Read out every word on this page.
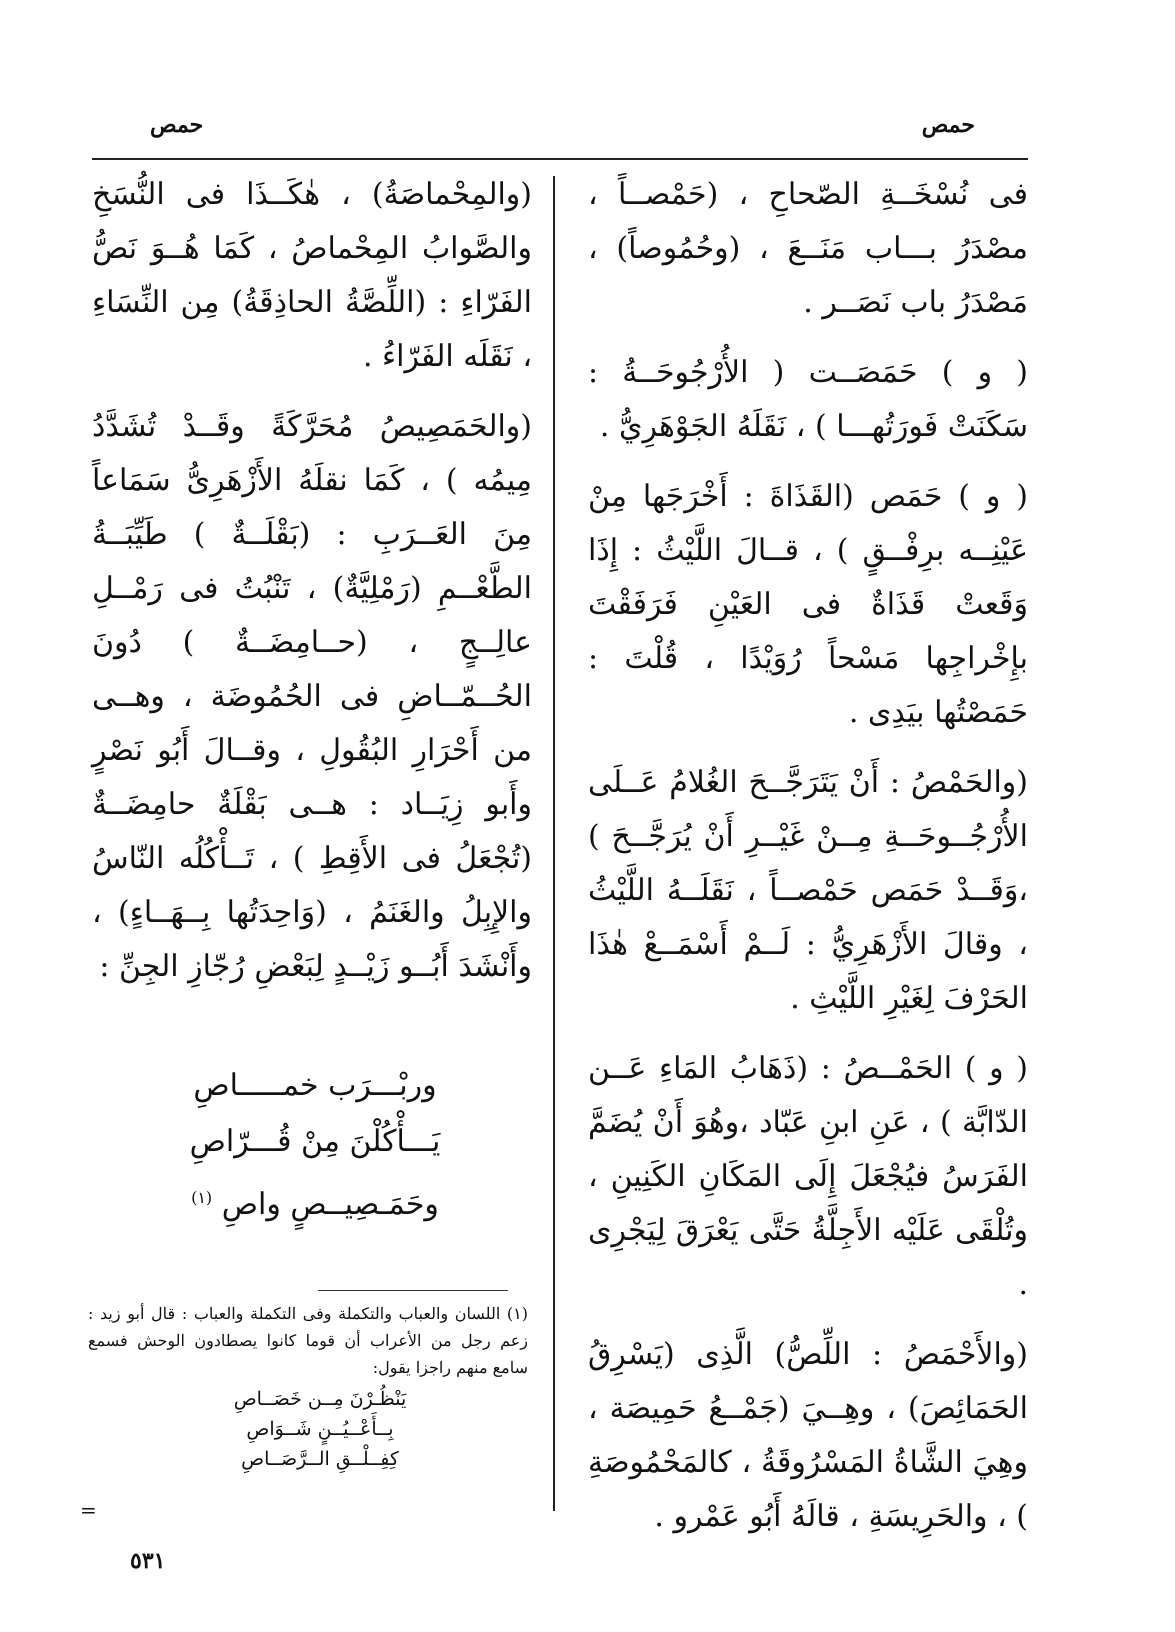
حمص
حمص

فى نُسْخَــةِ الصّحاحِ ، (حَمْصــاً ، مصْدَرُ بـــاب مَنَــعَ ، (وحُمُوصاً) ، مَصْدَرُ باب نَصَــر .

( و ) حَمَصَــت ( الأُرْجُوحَــةُ : سَكَنَتْ فَورَتُهـــا ) ، نَقَلَهُ الجَوْهَرِيُّ .

( و ) حَمَص (القَذَاةَ : أَخْرَجَها مِنْ عَيْنِــه برِفْــقٍ ) ، قــالَ اللَّيْثُ : إِذَا وَقَعتْ قَذَاةٌ فى العَيْنِ فَرَفَقْتَ بإِخْراجِها مَسْحاً رُوَيْدًا ، قُلْتَ : حَمَصْتُها بيَدِى .

(والحَمْصُ : أَنْ يَتَرَجَّــحَ الغُلامُ عَــلَى الأُرْجُــوحَــةِ مِــنْ غَيْــرِ أَنْ يُرَجَّــحَ ) ،وَقَــدْ حَمَص حَمْصــاً ، نَقَلَــهُ اللَّيْثُ ، وقالَ الأَزْهَرِيُّ : لَــمْ أَسْمَــعْ هٰذَا الحَرْفَ لِغَيْرِ اللَّيْثِ .

( و ) الحَمْــصُ : (ذَهَابُ المَاءِ عَــن الدّابَّة ) ، عَنِ ابنِ عَبّاد ،وهُوَ أَنْ يُضَمَّ الفَرَسُ فيُجْعَلَ إِلَى المَكَانِ الكَنِينِ ، وتُلْقَى عَلَيْه الأَجِلَّةُ حَتَّى يَعْرَقَ لِيَجْرِى .

(والأَحْمَصُ : اللِّصُّ) الَّذِى (يَسْرِقُ الحَمَائِصَ) ، وهِــيَ (جَمْــعُ حَمِيصَة ، وهِيَ الشَّاةُ المَسْرُوقَةُ ، كالمَحْمُوصَةِ ) ، والحَرِيسَةِ ، قالَهُ أَبُو عَمْرو .

(والمِحْماصَةُ) ، هٰكَــذَا فى النُّسَخِ والصَّوابُ المِحْماصُ ، كَمَا هُــوَ نَصُّ الفَرّاءِ : (اللِّصَّةُ الحاذِقَةُ) مِن النِّسَاءِ ، نَقَلَه الفَرّاءُ .

(والحَمَصِيصُ مُحَرَّكَةً وقَــدْ تُشَدَّدُ مِيمُه ) ، كَمَا نقلَهُ الأَزْهَرِىُّ سَمَاعاً مِنَ العَــرَبِ : (بَقْلَــةٌ ) طَيِّبَــةُ الطَّعْــمِ (رَمْلِيَّةٌ) ، تَنْبُتُ فى رَمْــلِ عالِــجٍ ، (حــامِضَــةٌ ) دُونَ الحُــمّــاضِ فى الحُمُوضَة ، وهــى من أَحْرَارِ البُقُولِ ، وقــالَ أَبُو نَصْرٍ وأَبو زِيَــاد : هــى بَقْلَةٌ حامِضَــةٌ (تُجْعَلُ فى الأَقِطِ ) ، تَــأْكُلُه النّاسُ والإِبِلُ والغَنَمُ ، (وَاحِدَتُها بِــهَــاءٍ) ، وأَنْشَدَ أَبُــو زَيْــدٍ لِبَعْضِ رُجّازِ الجِنِّ :

وربْـــرَب خمـــــاصِ
يَـــأْكُلْنَ مِنْ قُـــرّاصِ
وحَمَـصِيــصٍ واصِ $^{(١)}$
(١) اللسان والعباب والتكملة وفى التكملة والعباب : قال أبو زيد : زعم رجل من الأعراب أن قوما كانوا يصطادون الوحش فسمع سامع منهم راجزا يقول:
يَنْظُـرْنَ مِــن خَصَــاصِ
بِــأَعْــيُــنٍ شَــوَاصِ
كِفِــلْــقِ الــرَّصَــاصِ
=
٥٣١
